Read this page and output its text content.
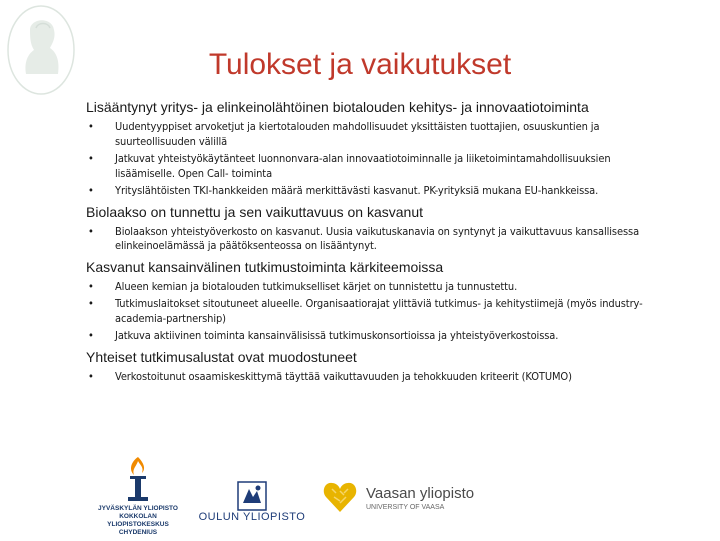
Tulokset ja vaikutukset

Lisääntynyt yritys- ja elinkeinolähtöinen biotalouden kehitys- ja innovaatiotoiminta

• Uudentyyppiset arvoketjut ja kiertotalouden mahdollisuudet yksittäisten tuottajien, osuuskuntien ja suurteollisuuden välillä
• Jatkuvat yhteistyökäytänteet luonnonvara-alan innovaatiotoiminnalle ja liiketoimintamahdollisuuksien lisäämiselle. Open Call- toiminta
• Yrityslähtöisten TKI-hankkeiden määrä merkittävästi kasvanut. PK-yrityksiä mukana EU-hankkeissa.

Biolaakso on tunnettu ja sen vaikuttavuus on kasvanut

• Biolaakson yhteistyöverkosto on kasvanut. Uusia vaikutuskanavia on syntynyt ja vaikuttavuus kansallisessa elinkeinoelämässä ja päätöksenteossa on lisääntynyt.

Kasvanut kansainvälinen tutkimustoiminta kärkiteemoissa

• Alueen kemian ja biotalouden tutkimukselliset kärjet on tunnistettu ja tunnustettu.
• Tutkimuslaitokset sitoutuneet alueelle. Organisaatiorajat ylittäviä tutkimus- ja kehitystiimejä (myös industry-academia-partnership)
• Jatkuva aktiivinen toiminta kansainvälisissä tutkimuskonsortioissa ja yhteistyöverkostoissa.

Yhteiset tutkimusalustat ovat muodostuneet

• Verkostoitunut osaamiskeskittymä täyttää vaikuttavuuden ja tehokkuuden kriteerit (KOTUMO)
JYVÄSKYLÄN YLIOPISTO
KOKKOLAN YLIOPISTOKESKUS
CHYDENIUS
OULUN YLIOPISTO
Vaasan yliopisto
UNIVERSITY OF VAASA
